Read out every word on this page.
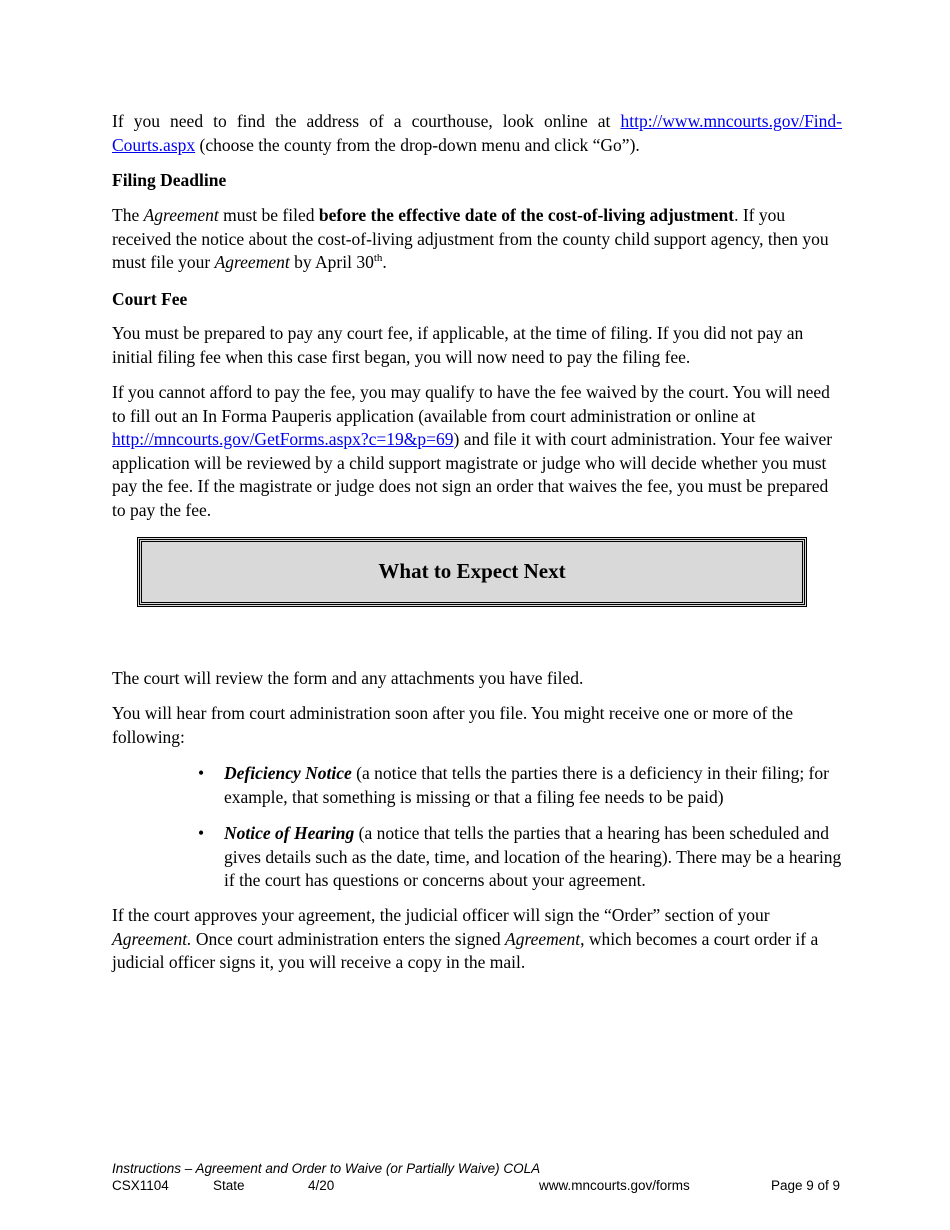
If you need to find the address of a courthouse, look online at http://www.mncourts.gov/Find-Courts.aspx (choose the county from the drop-down menu and click “Go”).

Filing Deadline

The Agreement must be filed before the effective date of the cost-of-living adjustment. If you received the notice about the cost-of-living adjustment from the county child support agency, then you must file your Agreement by April 30th.

Court Fee

You must be prepared to pay any court fee, if applicable, at the time of filing. If you did not pay an initial filing fee when this case first began, you will now need to pay the filing fee.

If you cannot afford to pay the fee, you may qualify to have the fee waived by the court. You will need to fill out an In Forma Pauperis application (available from court administration or online at http://mncourts.gov/GetForms.aspx?c=19&p=69) and file it with court administration. Your fee waiver application will be reviewed by a child support magistrate or judge who will decide whether you must pay the fee. If the magistrate or judge does not sign an order that waives the fee, you must be prepared to pay the fee.

What to Expect Next

The court will review the form and any attachments you have filed.

You will hear from court administration soon after you file. You might receive one or more of the following:

• Deficiency Notice (a notice that tells the parties there is a deficiency in their filing; for example, that something is missing or that a filing fee needs to be paid)
• Notice of Hearing (a notice that tells the parties that a hearing has been scheduled and gives details such as the date, time, and location of the hearing). There may be a hearing if the court has questions or concerns about your agreement.

If the court approves your agreement, the judicial officer will sign the “Order” section of your Agreement. Once court administration enters the signed Agreement, which becomes a court order if a judicial officer signs it, you will receive a copy in the mail.

Instructions – Agreement and Order to Waive (or Partially Waive) COLA
CSX1104	State	4/20	www.mncourts.gov/forms	Page 9 of 9
